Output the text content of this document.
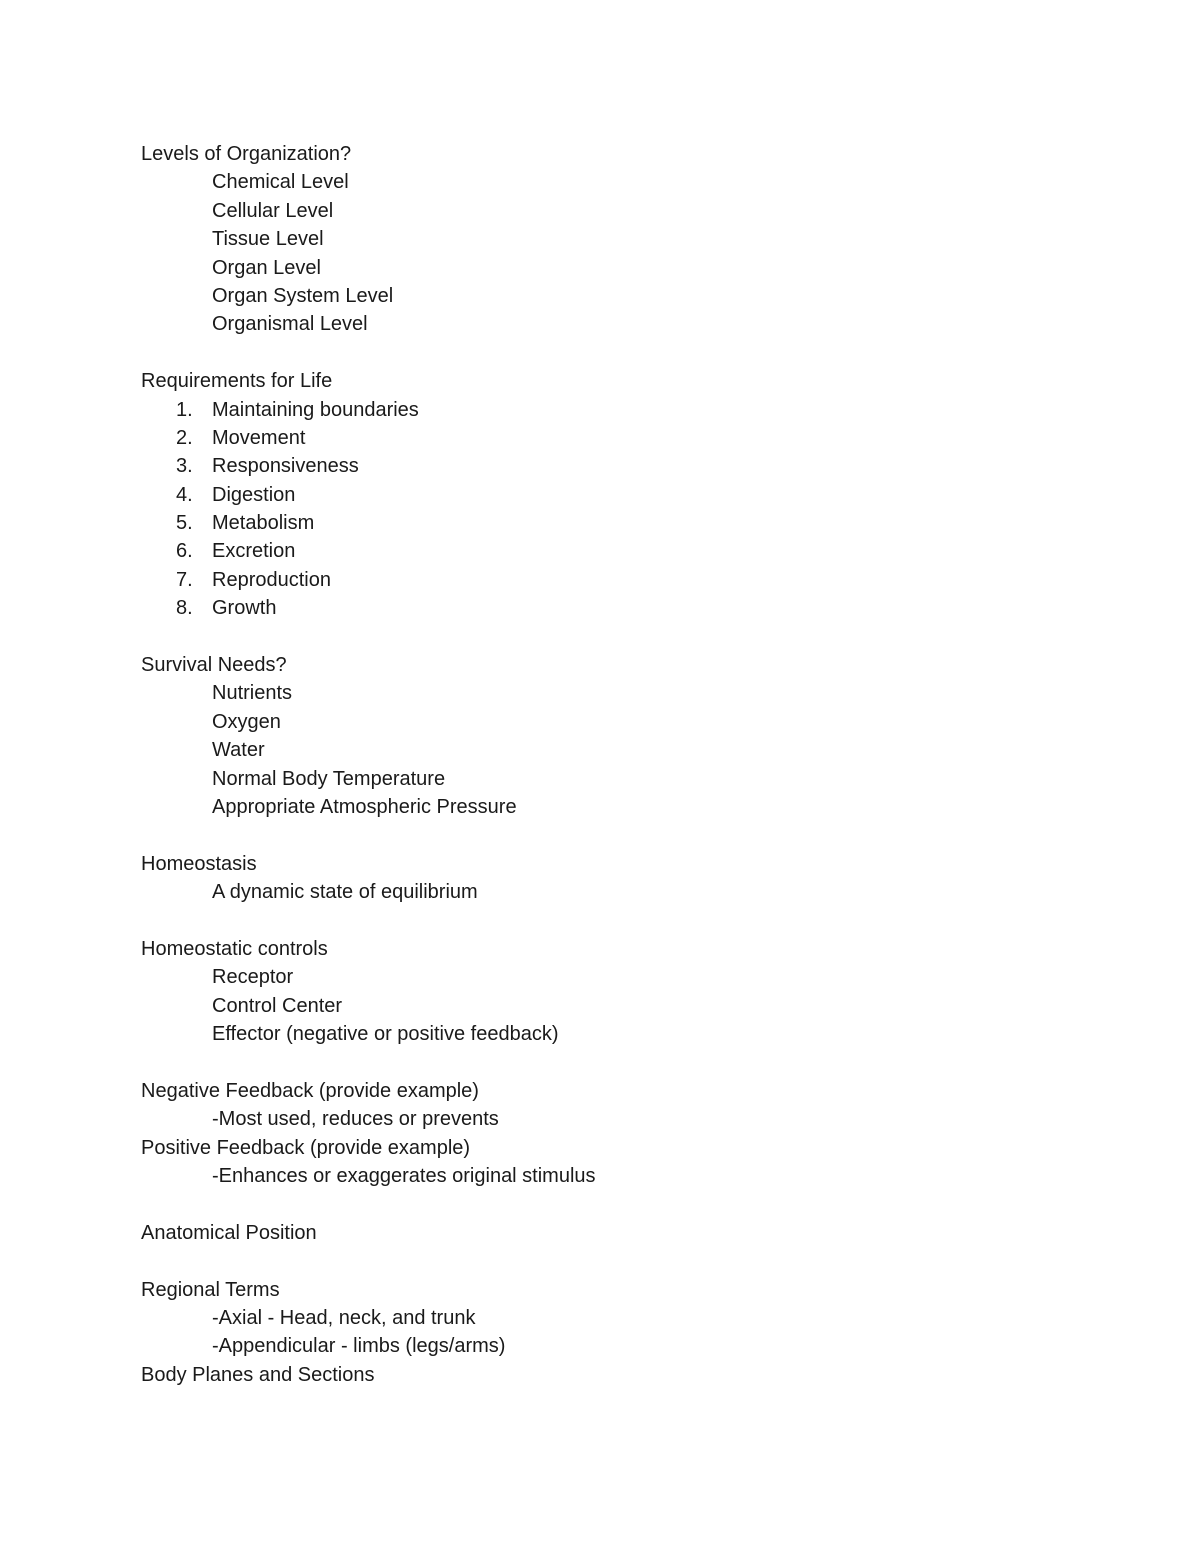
Levels of Organization?
Chemical Level
Cellular Level
Tissue Level
Organ Level
Organ System Level
Organismal Level
Requirements for Life
1. Maintaining boundaries
2. Movement
3. Responsiveness
4. Digestion
5. Metabolism
6. Excretion
7. Reproduction
8. Growth
Survival Needs?
Nutrients
Oxygen
Water
Normal Body Temperature
Appropriate Atmospheric Pressure
Homeostasis
A dynamic state of equilibrium
Homeostatic controls
Receptor
Control Center
Effector (negative or positive feedback)
Negative Feedback (provide example)
-Most used, reduces or prevents
Positive Feedback (provide example)
-Enhances or exaggerates original stimulus
Anatomical Position
Regional Terms
-Axial - Head, neck, and trunk
-Appendicular - limbs (legs/arms)
Body Planes and Sections
